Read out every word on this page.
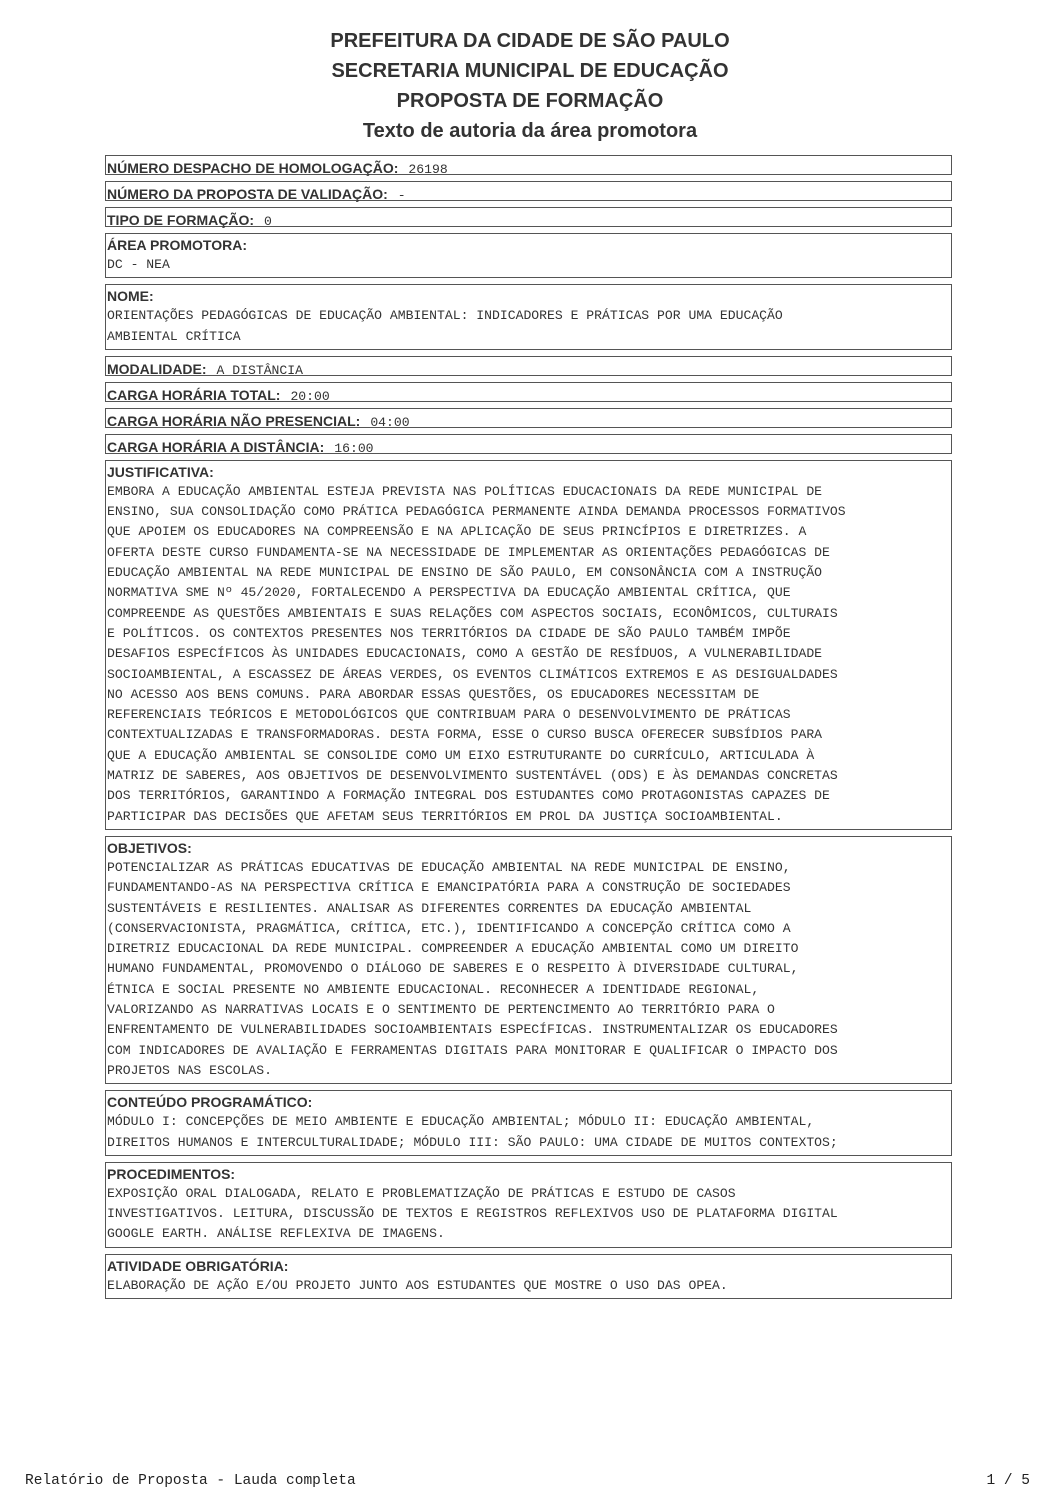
PREFEITURA DA CIDADE DE SÃO PAULO
SECRETARIA MUNICIPAL DE EDUCAÇÃO
PROPOSTA DE FORMAÇÃO
Texto de autoria da área promotora
NÚMERO DESPACHO DE HOMOLOGAÇÃO: 26198
NÚMERO DA PROPOSTA DE VALIDAÇÃO: -
TIPO DE FORMAÇÃO: 0
ÁREA PROMOTORA:
DC - NEA
NOME:
ORIENTAÇÕES PEDAGÓGICAS DE EDUCAÇÃO AMBIENTAL: INDICADORES E PRÁTICAS POR UMA EDUCAÇÃO
AMBIENTAL CRÍTICA
MODALIDADE: A DISTÂNCIA
CARGA HORÁRIA TOTAL: 20:00
CARGA HORÁRIA NÃO PRESENCIAL: 04:00
CARGA HORÁRIA A DISTÂNCIA: 16:00
JUSTIFICATIVA:
EMBORA A EDUCAÇÃO AMBIENTAL ESTEJA PREVISTA NAS POLÍTICAS EDUCACIONAIS DA REDE MUNICIPAL DE
ENSINO, SUA CONSOLIDAÇÃO COMO PRÁTICA PEDAGÓGICA PERMANENTE AINDA DEMANDA PROCESSOS FORMATIVOS
QUE APOIEM OS EDUCADORES NA COMPREENSÃO E NA APLICAÇÃO DE SEUS PRINCÍPIOS E DIRETRIZES. A
OFERTA DESTE CURSO FUNDAMENTA-SE NA NECESSIDADE DE IMPLEMENTAR AS ORIENTAÇÕES PEDAGÓGICAS DE
EDUCAÇÃO AMBIENTAL NA REDE MUNICIPAL DE ENSINO DE SÃO PAULO, EM CONSONÂNCIA COM A INSTRUÇÃO
NORMATIVA SME Nº 45/2020, FORTALECENDO A PERSPECTIVA DA EDUCAÇÃO AMBIENTAL CRÍTICA, QUE
COMPREENDE AS QUESTÕES AMBIENTAIS E SUAS RELAÇÕES COM ASPECTOS SOCIAIS, ECONÔMICOS, CULTURAIS
E POLÍTICOS. OS CONTEXTOS PRESENTES NOS TERRITÓRIOS DA CIDADE DE SÃO PAULO TAMBÉM IMPÕE
DESAFIOS ESPECÍFICOS ÀS UNIDADES EDUCACIONAIS, COMO A GESTÃO DE RESÍDUOS, A VULNERABILIDADE
SOCIOAMBIENTAL, A ESCASSEZ DE ÁREAS VERDES, OS EVENTOS CLIMÁTICOS EXTREMOS E AS DESIGUALDADES
NO ACESSO AOS BENS COMUNS. PARA ABORDAR ESSAS QUESTÕES, OS EDUCADORES NECESSITAM DE
REFERENCIAIS TEÓRICOS E METODOLÓGICOS QUE CONTRIBUAM PARA O DESENVOLVIMENTO DE PRÁTICAS
CONTEXTUALIZADAS E TRANSFORMADORAS. DESTA FORMA, ESSE O CURSO BUSCA OFERECER SUBSÍDIOS PARA
QUE A EDUCAÇÃO AMBIENTAL SE CONSOLIDE COMO UM EIXO ESTRUTURANTE DO CURRÍCULO, ARTICULADA À
MATRIZ DE SABERES, AOS OBJETIVOS DE DESENVOLVIMENTO SUSTENTÁVEL (ODS) E ÀS DEMANDAS CONCRETAS
DOS TERRITÓRIOS, GARANTINDO A FORMAÇÃO INTEGRAL DOS ESTUDANTES COMO PROTAGONISTAS CAPAZES DE
PARTICIPAR DAS DECISÕES QUE AFETAM SEUS TERRITÓRIOS EM PROL DA JUSTIÇA SOCIOAMBIENTAL.
OBJETIVOS:
POTENCIALIZAR AS PRÁTICAS EDUCATIVAS DE EDUCAÇÃO AMBIENTAL NA REDE MUNICIPAL DE ENSINO,
FUNDAMENTANDO-AS NA PERSPECTIVA CRÍTICA E EMANCIPATÓRIA PARA A CONSTRUÇÃO DE SOCIEDADES
SUSTENTÁVEIS E RESILIENTES. ANALISAR AS DIFERENTES CORRENTES DA EDUCAÇÃO AMBIENTAL
(CONSERVACIONISTA, PRAGMÁTICA, CRÍTICA, ETC.), IDENTIFICANDO A CONCEPÇÃO CRÍTICA COMO A
DIRETRIZ EDUCACIONAL DA REDE MUNICIPAL. COMPREENDER A EDUCAÇÃO AMBIENTAL COMO UM DIREITO
HUMANO FUNDAMENTAL, PROMOVENDO O DIÁLOGO DE SABERES E O RESPEITO À DIVERSIDADE CULTURAL,
ÉTNICA E SOCIAL PRESENTE NO AMBIENTE EDUCACIONAL. RECONHECER A IDENTIDADE REGIONAL,
VALORIZANDO AS NARRATIVAS LOCAIS E O SENTIMENTO DE PERTENCIMENTO AO TERRITÓRIO PARA O
ENFRENTAMENTO DE VULNERABILIDADES SOCIOAMBIENTAIS ESPECÍFICAS. INSTRUMENTALIZAR OS EDUCADORES
COM INDICADORES DE AVALIAÇÃO E FERRAMENTAS DIGITAIS PARA MONITORAR E QUALIFICAR O IMPACTO DOS
PROJETOS NAS ESCOLAS.
CONTEÚDO PROGRAMÁTICO:
MÓDULO I: CONCEPÇÕES DE MEIO AMBIENTE E EDUCAÇÃO AMBIENTAL; MÓDULO II: EDUCAÇÃO AMBIENTAL,
DIREITOS HUMANOS E INTERCULTURALIDADE; MÓDULO III: SÃO PAULO: UMA CIDADE DE MUITOS CONTEXTOS;
PROCEDIMENTOS:
EXPOSIÇÃO ORAL DIALOGADA, RELATO E PROBLEMATIZAÇÃO DE PRÁTICAS E ESTUDO DE CASOS
INVESTIGATIVOS. LEITURA, DISCUSSÃO DE TEXTOS E REGISTROS REFLEXIVOS USO DE PLATAFORMA DIGITAL
GOOGLE EARTH. ANÁLISE REFLEXIVA DE IMAGENS.
ATIVIDADE OBRIGATÓRIA:
ELABORAÇÃO DE AÇÃO E/OU PROJETO JUNTO AOS ESTUDANTES QUE MOSTRE O USO DAS OPEA.
Relatório de Proposta - Lauda completa	1 / 5
